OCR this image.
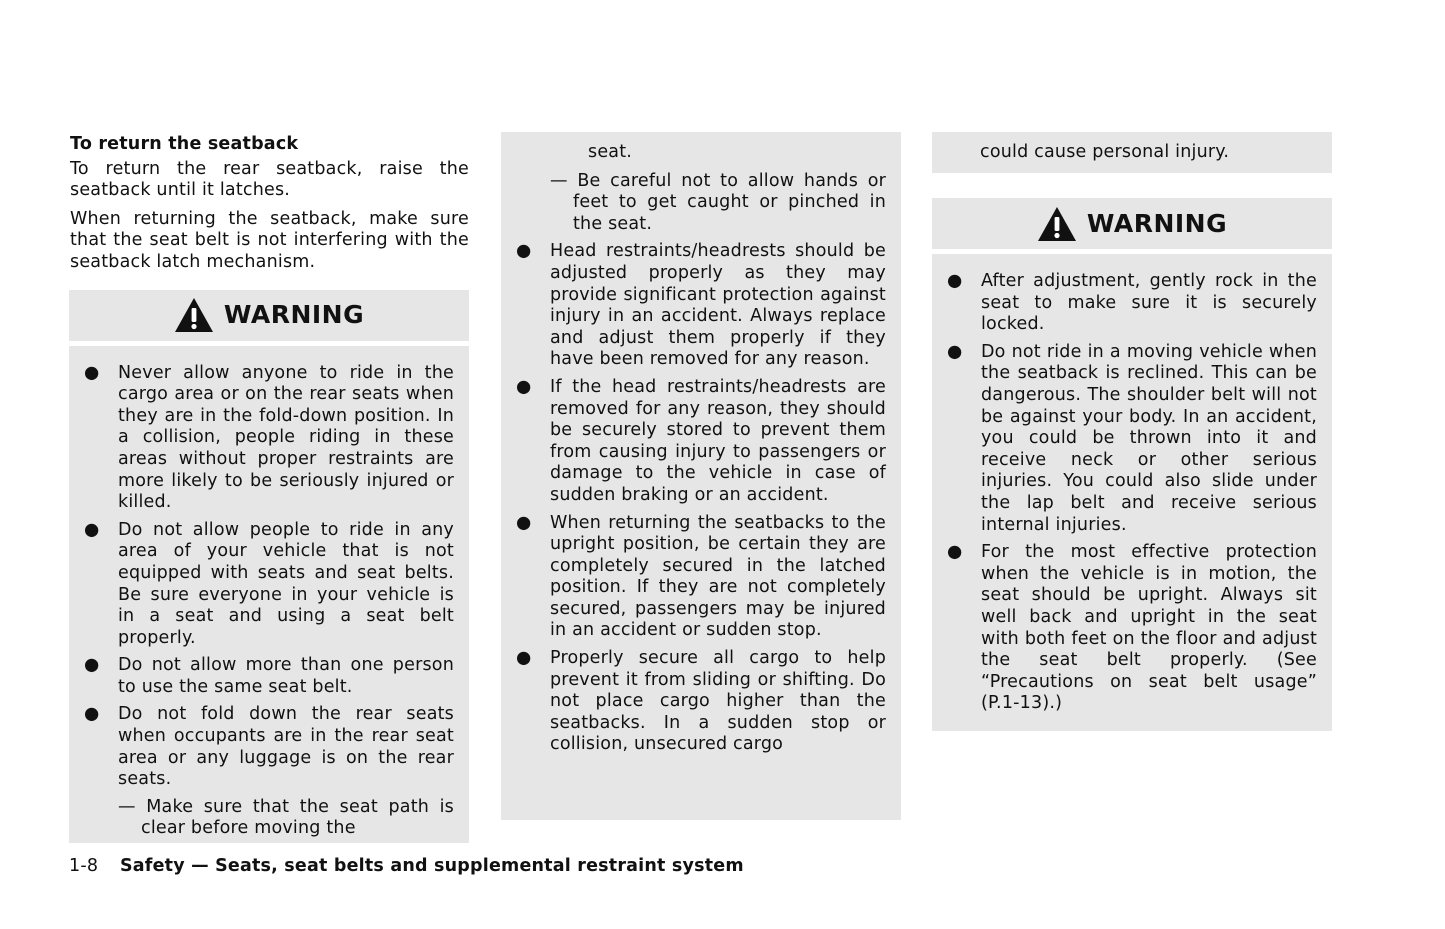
To return the seatback

To return the rear seatback, raise the seatback until it latches.

When returning the seatback, make sure that the seat belt is not interfering with the seatback latch mechanism.

WARNING
● Never allow anyone to ride in the cargo area or on the rear seats when they are in the fold-down position. In a collision, people riding in these areas without proper restraints are more likely to be seriously injured or killed.
● Do not allow people to ride in any area of your vehicle that is not equipped with seats and seat belts. Be sure everyone in your vehicle is in a seat and using a seat belt properly.
● Do not allow more than one person to use the same seat belt.
● Do not fold down the rear seats when occupants are in the rear seat area or any luggage is on the rear seats.
— Make sure that the seat path is clear before moving the
seat.
— Be careful not to allow hands or feet to get caught or pinched in the seat.
● Head restraints/headrests should be adjusted properly as they may provide significant protection against injury in an accident. Always replace and adjust them properly if they have been removed for any reason.
● If the head restraints/headrests are removed for any reason, they should be securely stored to prevent them from causing injury to passengers or damage to the vehicle in case of sudden braking or an accident.
● When returning the seatbacks to the upright position, be certain they are completely secured in the latched position. If they are not completely secured, passengers may be injured in an accident or sudden stop.
● Properly secure all cargo to help prevent it from sliding or shifting. Do not place cargo higher than the seatbacks. In a sudden stop or collision, unsecured cargo
could cause personal injury.
WARNING
● After adjustment, gently rock in the seat to make sure it is securely locked.
● Do not ride in a moving vehicle when the seatback is reclined. This can be dangerous. The shoulder belt will not be against your body. In an accident, you could be thrown into it and receive neck or other serious injuries. You could also slide under the lap belt and receive serious internal injuries.
● For the most effective protection when the vehicle is in motion, the seat should be upright. Always sit well back and upright in the seat with both feet on the floor and adjust the seat belt properly. (See “Precautions on seat belt usage” (P.1-13).)
1-8 Safety — Seats, seat belts and supplemental restraint system
